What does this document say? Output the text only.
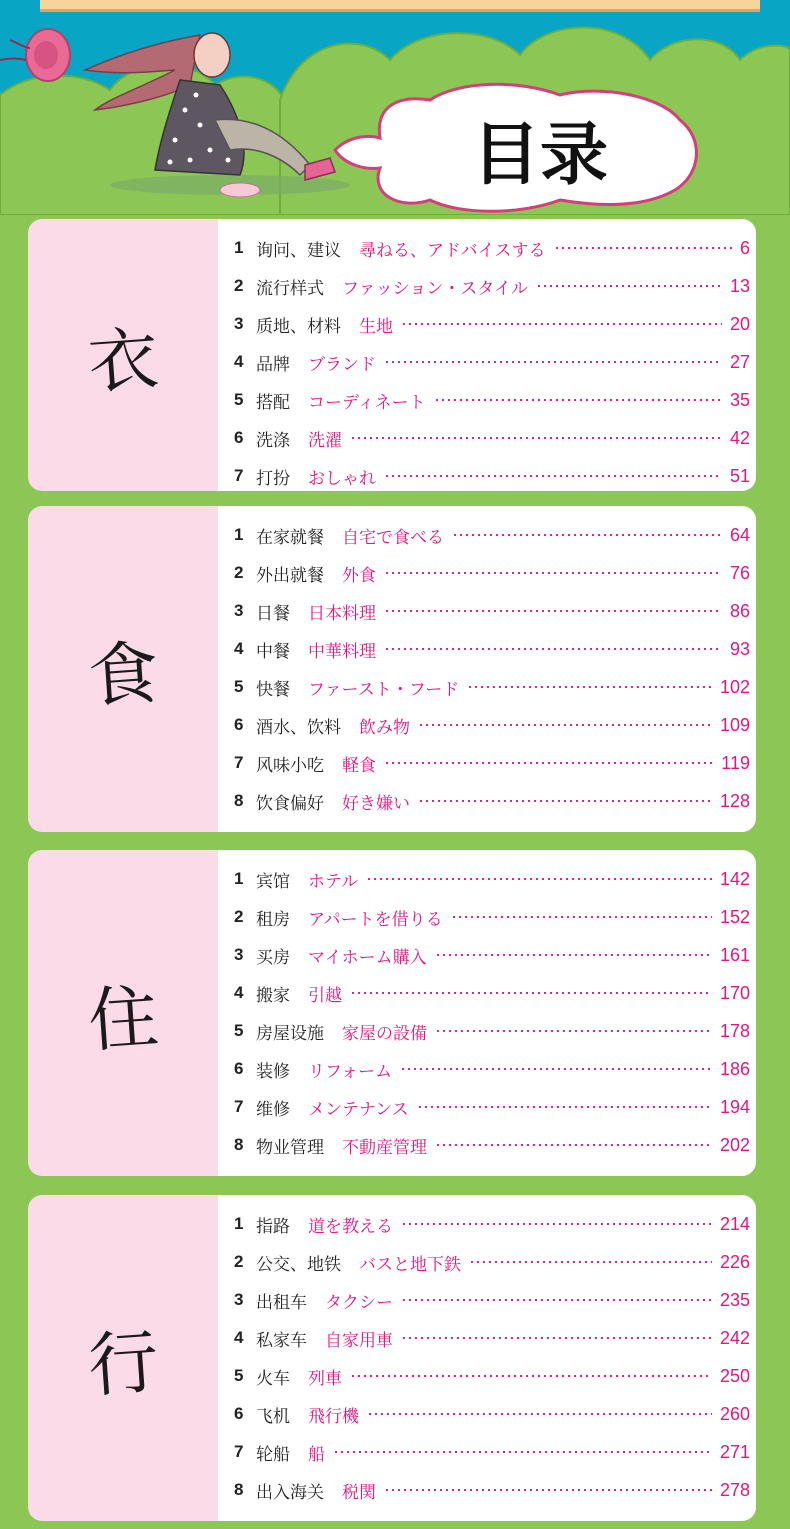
目录
衣
1 询问、建议 尋ねる、アドバイスする	6
2 流行样式 ファッション・スタイル	13
3 质地、材料 生地	20
4 品牌 ブランド	27
5 搭配 コーディネート	35
6 洗涤 洗濯	42
7 打扮 おしゃれ	51
食
1 在家就餐 自宅で食べる	64
2 外出就餐 外食	76
3 日餐 日本料理	86
4 中餐 中華料理	93
5 快餐 ファースト・フード	102
6 酒水、饮料 飲み物	109
7 风味小吃 軽食	119
8 饮食偏好 好き嫌い	128
住
1 宾馆 ホテル	142
2 租房 アパートを借りる	152
3 买房 マイホーム購入	161
4 搬家 引越	170
5 房屋设施 家屋の設備	178
6 装修 リフォーム	186
7 维修 メンテナンス	194
8 物业管理 不動産管理	202
行
1 指路 道を教える	214
2 公交、地铁 バスと地下鉄	226
3 出租车 タクシー	235
4 私家车 自家用車	242
5 火车 列車	250
6 飞机 飛行機	260
7 轮船 船	271
8 出入海关 税関	278
